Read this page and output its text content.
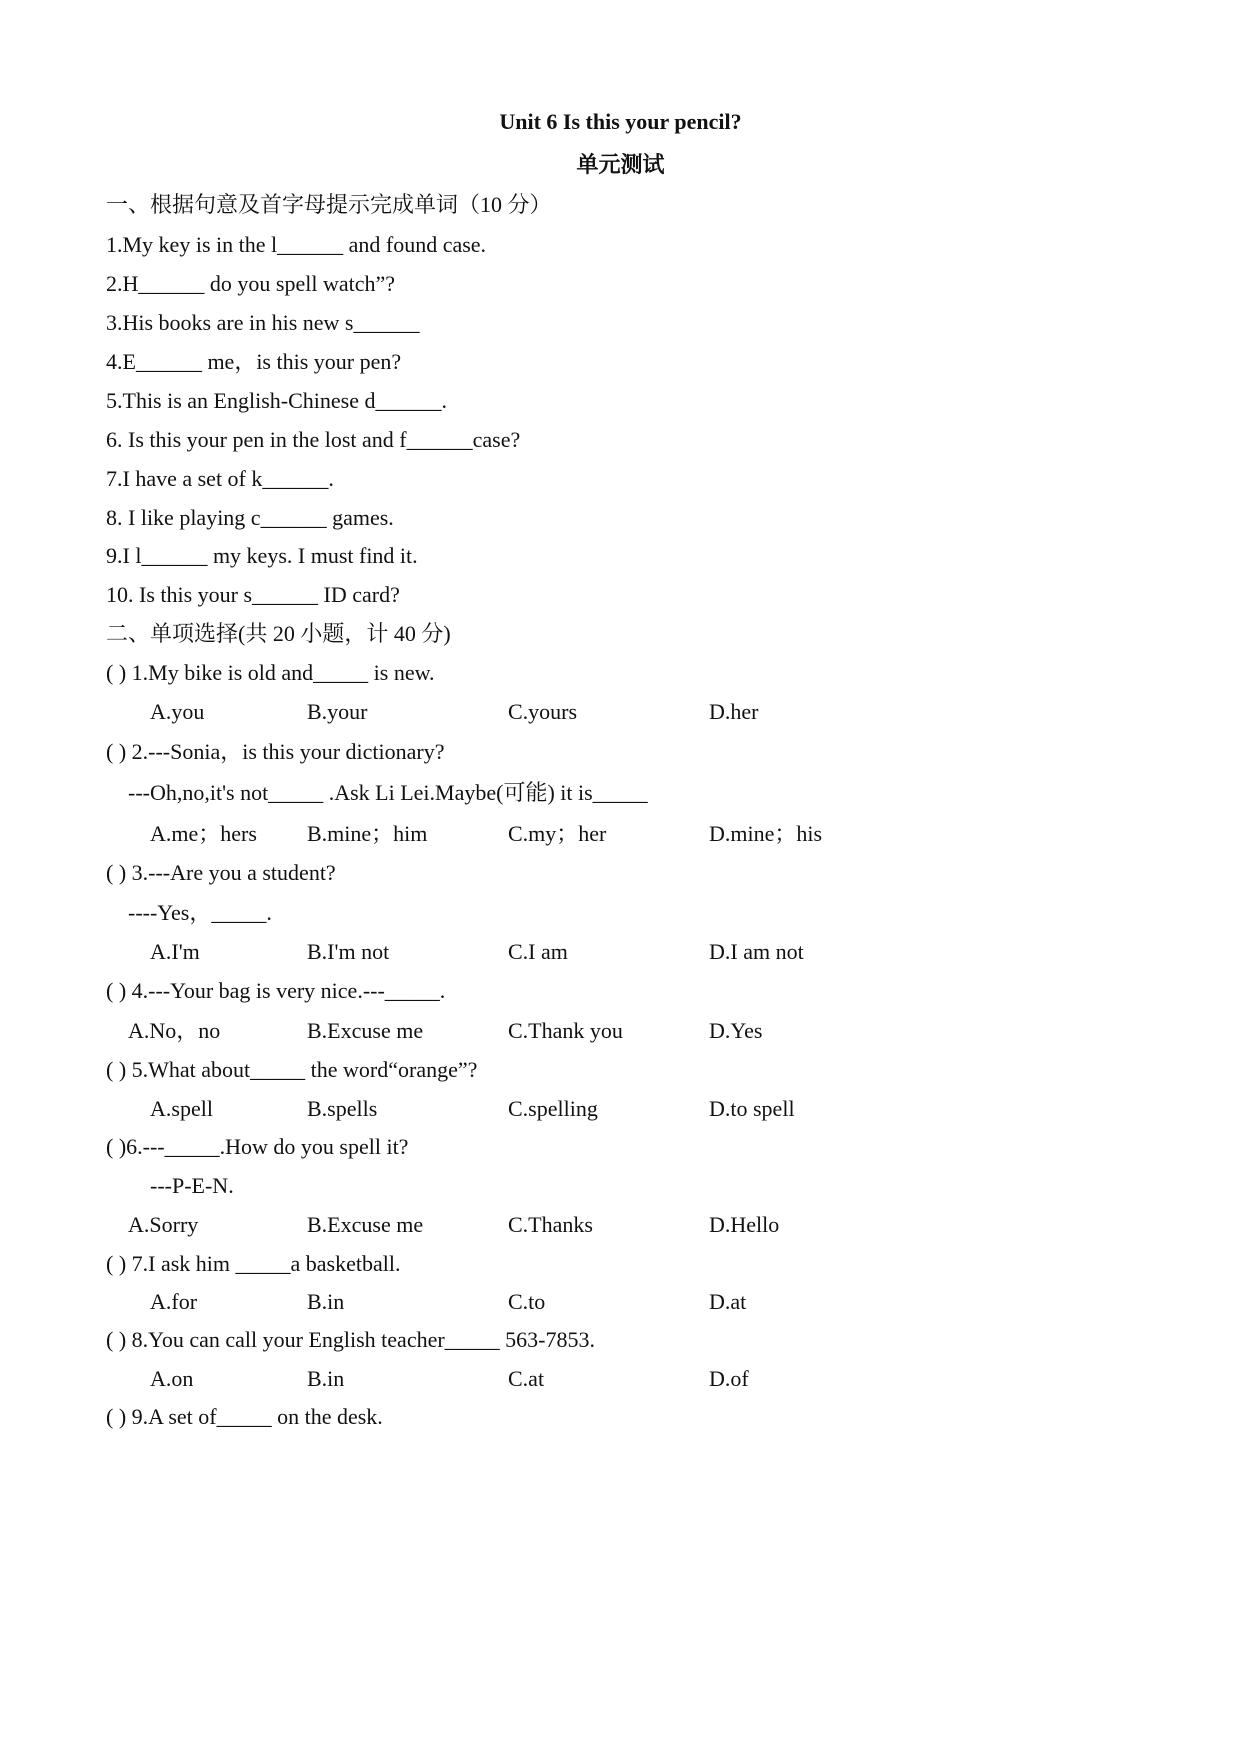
Unit 6 Is this your pencil?
单元测试
一、根据句意及首字母提示完成单词（10 分）
1.My key is in the l______ and found case.
2.H______ do you spell watch”?
3.His books are in his new s______
4.E______ me，is this your pen?
5.This is an English-Chinese d______.
6. Is this your pen in the lost and f______case?
7.I have a set of k______.
8. I like playing c______ games.
9.I l______ my keys. I must find it.
10. Is this your s______ ID card?
二、单项选择(共 20 小题，计 40 分)
( ) 1.My bike is old and_____ is new.
A.you	B.your	C.yours	D.her
( ) 2.---Sonia，is this your dictionary?
---Oh,no,it's not_____ .Ask Li Lei.Maybe(可能) it is_____
A.me；hers B.mine；him	C.my；her	D.mine；his
( ) 3.---Are you a student?
----Yes，_____.
A.I'm	B.I'm not	C.I am	D.I am not
( ) 4.---Your bag is very nice.---_____.
A.No，no	B.Excuse me	C.Thank you	D.Yes
( ) 5.What about_____ the word“orange”?
A.spell	B.spells	C.spelling	D.to spell
( )6.---_____.How do you spell it?
---P-E-N.
A.Sorry	B.Excuse me	C.Thanks	D.Hello
( ) 7.I ask him _____a basketball.
A.for	B.in	C.to	D.at
( ) 8.You can call your English teacher_____ 563-7853.
A.on	B.in	C.at	D.of
( ) 9.A set of_____ on the desk.
